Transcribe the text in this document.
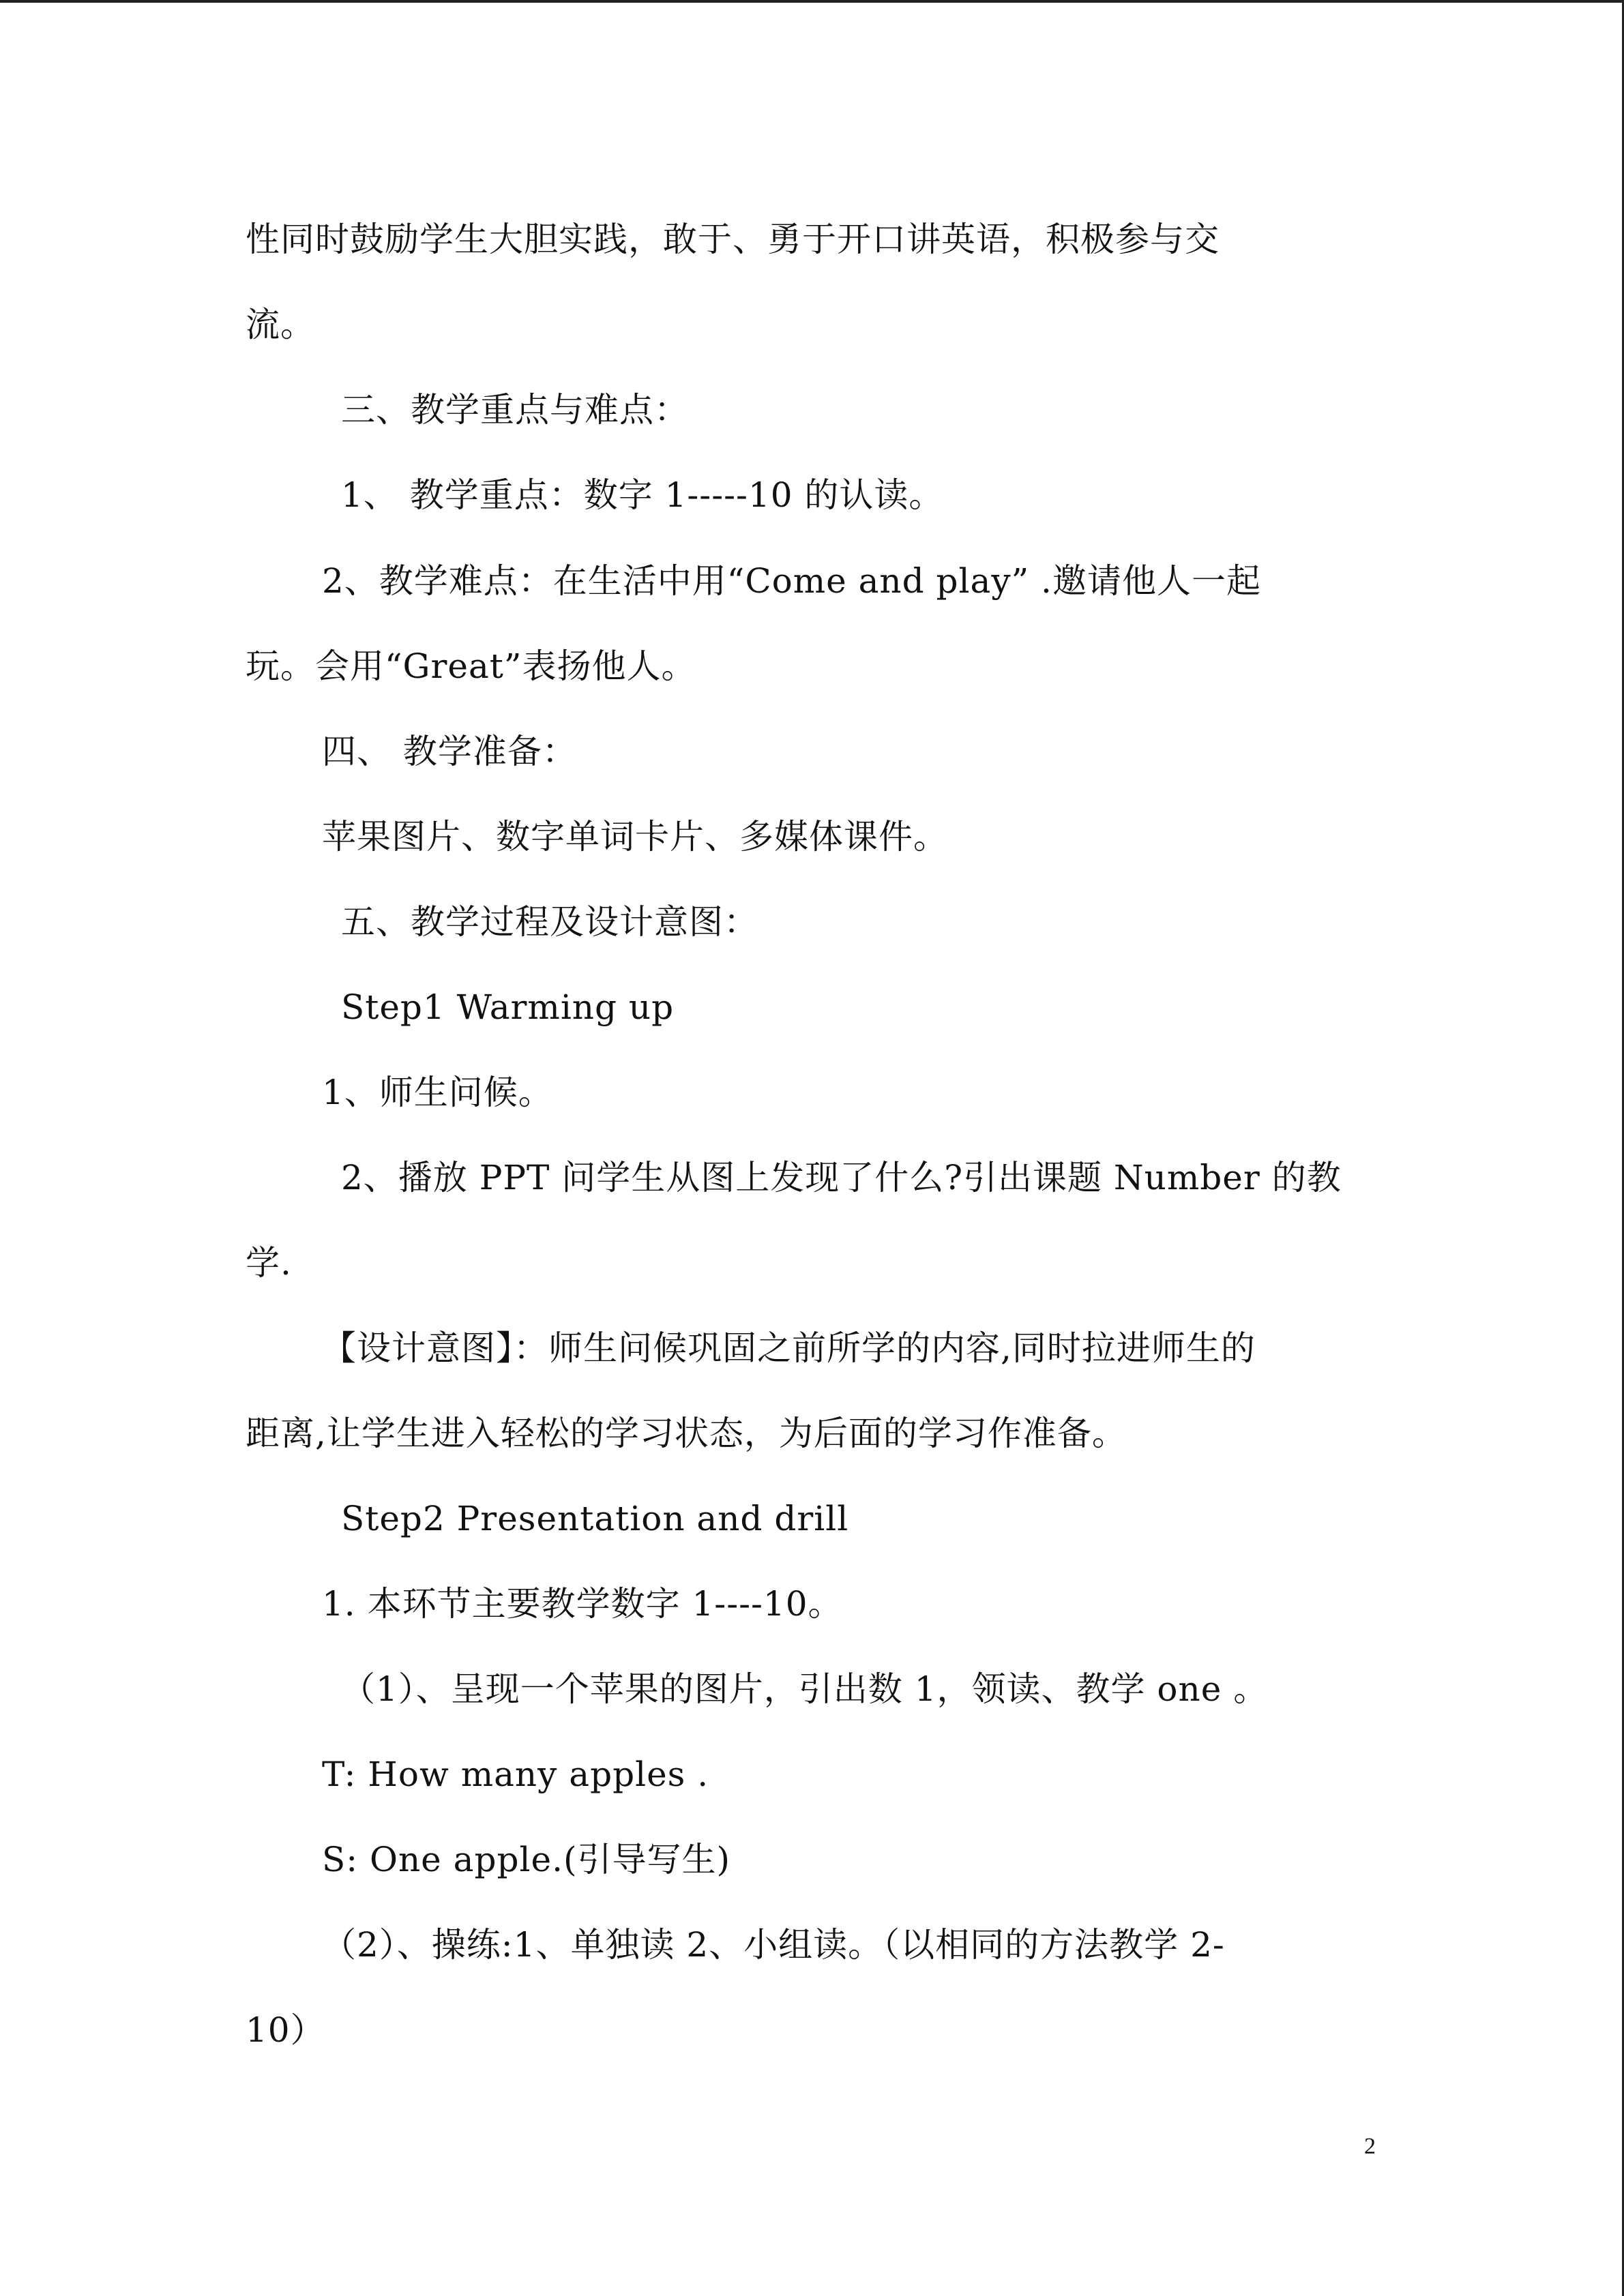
性同时鼓励学生大胆实践，敢于、勇于开口讲英语，积极参与交
流。
三、教学重点与难点：
1、 教学重点：数字 1-----10 的认读。
2、教学难点：在生活中用“Come and play” .邀请他人一起
玩。会用“Great”表扬他人。
四、 教学准备：
苹果图片、数字单词卡片、多媒体课件。
五、教学过程及设计意图：
Step1 Warming up
1、师生问候。
2、播放 PPT 问学生从图上发现了什么?引出课题 Number 的教
学.
【设计意图】：师生问候巩固之前所学的内容,同时拉进师生的
距离,让学生进入轻松的学习状态，为后面的学习作准备。
Step2 Presentation and drill
1. 本环节主要教学数字 1----10。
（1）、呈现一个苹果的图片，引出数 1，领读、教学 one 。
T: How many apples .
S: One apple.(引导写生)
（2）、操练:1、单独读 2、小组读。（以相同的方法教学 2-
10）
2
